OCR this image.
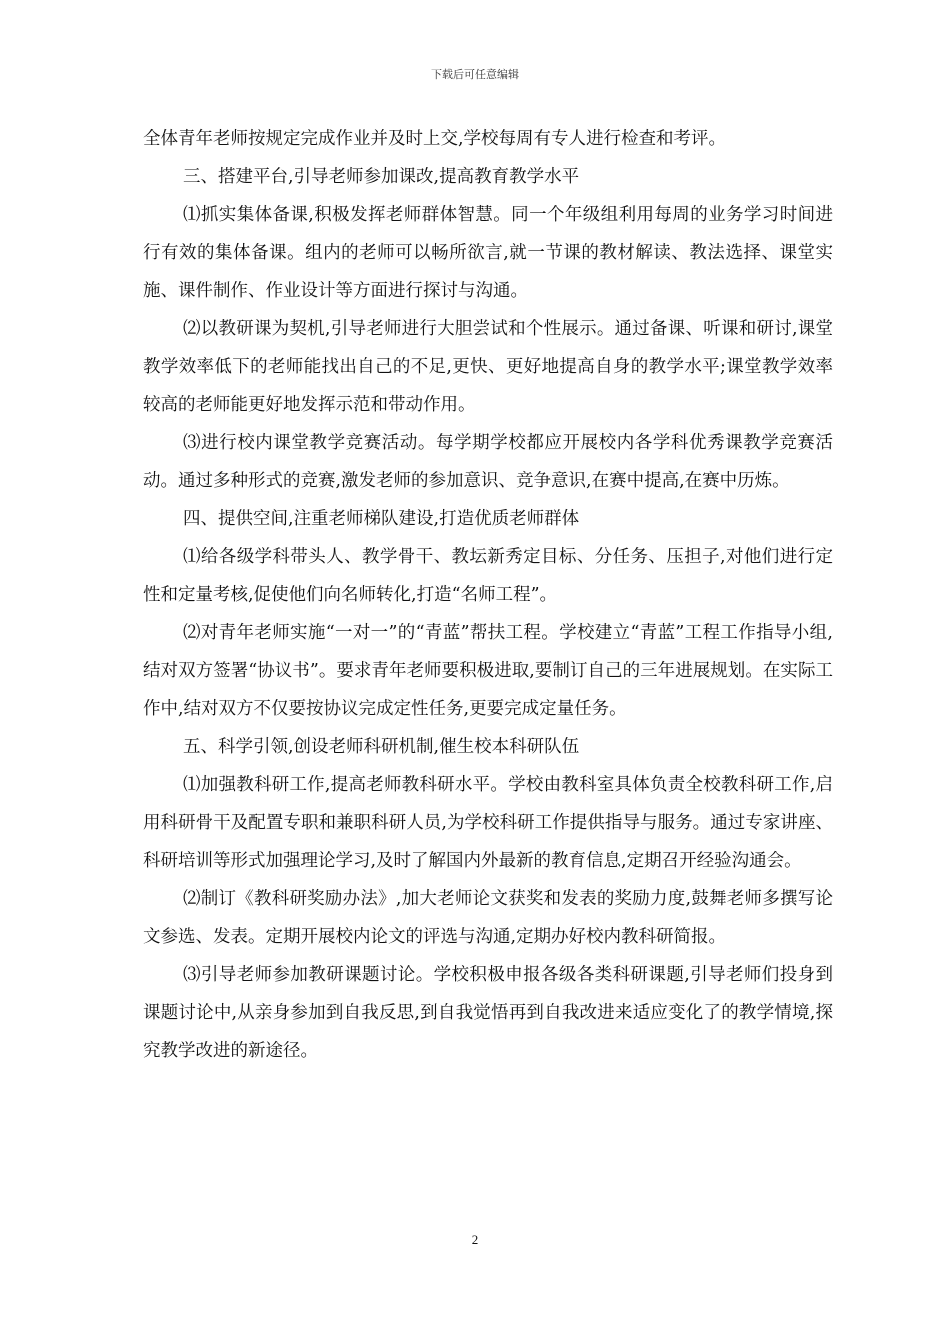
下载后可任意编辑

全体青年老师按规定完成作业并及时上交,学校每周有专人进行检查和考评。

三、搭建平台,引导老师参加课改,提高教育教学水平

⑴抓实集体备课,积极发挥老师群体智慧。同一个年级组利用每周的业务学习时间进行有效的集体备课。组内的老师可以畅所欲言,就一节课的教材解读、教法选择、课堂实施、课件制作、作业设计等方面进行探讨与沟通。

⑵以教研课为契机,引导老师进行大胆尝试和个性展示。通过备课、听课和研讨,课堂教学效率低下的老师能找出自己的不足,更快、更好地提高自身的教学水平;课堂教学效率较高的老师能更好地发挥示范和带动作用。

⑶进行校内课堂教学竞赛活动。每学期学校都应开展校内各学科优秀课教学竞赛活动。通过多种形式的竞赛,激发老师的参加意识、竞争意识,在赛中提高,在赛中历炼。

四、提供空间,注重老师梯队建设,打造优质老师群体

⑴给各级学科带头人、教学骨干、教坛新秀定目标、分任务、压担子,对他们进行定性和定量考核,促使他们向名师转化,打造“名师工程”。

⑵对青年老师实施“一对一”的“青蓝”帮扶工程。学校建立“青蓝”工程工作指导小组,结对双方签署“协议书”。要求青年老师要积极进取,要制订自己的三年进展规划。在实际工作中,结对双方不仅要按协议完成定性任务,更要完成定量任务。

五、科学引领,创设老师科研机制,催生校本科研队伍

⑴加强教科研工作,提高老师教科研水平。学校由教科室具体负责全校教科研工作,启用科研骨干及配置专职和兼职科研人员,为学校科研工作提供指导与服务。通过专家讲座、科研培训等形式加强理论学习,及时了解国内外最新的教育信息,定期召开经验沟通会。

⑵制订《教科研奖励办法》,加大老师论文获奖和发表的奖励力度,鼓舞老师多撰写论文参选、发表。定期开展校内论文的评选与沟通,定期办好校内教科研简报。

⑶引导老师参加教研课题讨论。学校积极申报各级各类科研课题,引导老师们投身到课题讨论中,从亲身参加到自我反思,到自我觉悟再到自我改进来适应变化了的教学情境,探究教学改进的新途径。

2
